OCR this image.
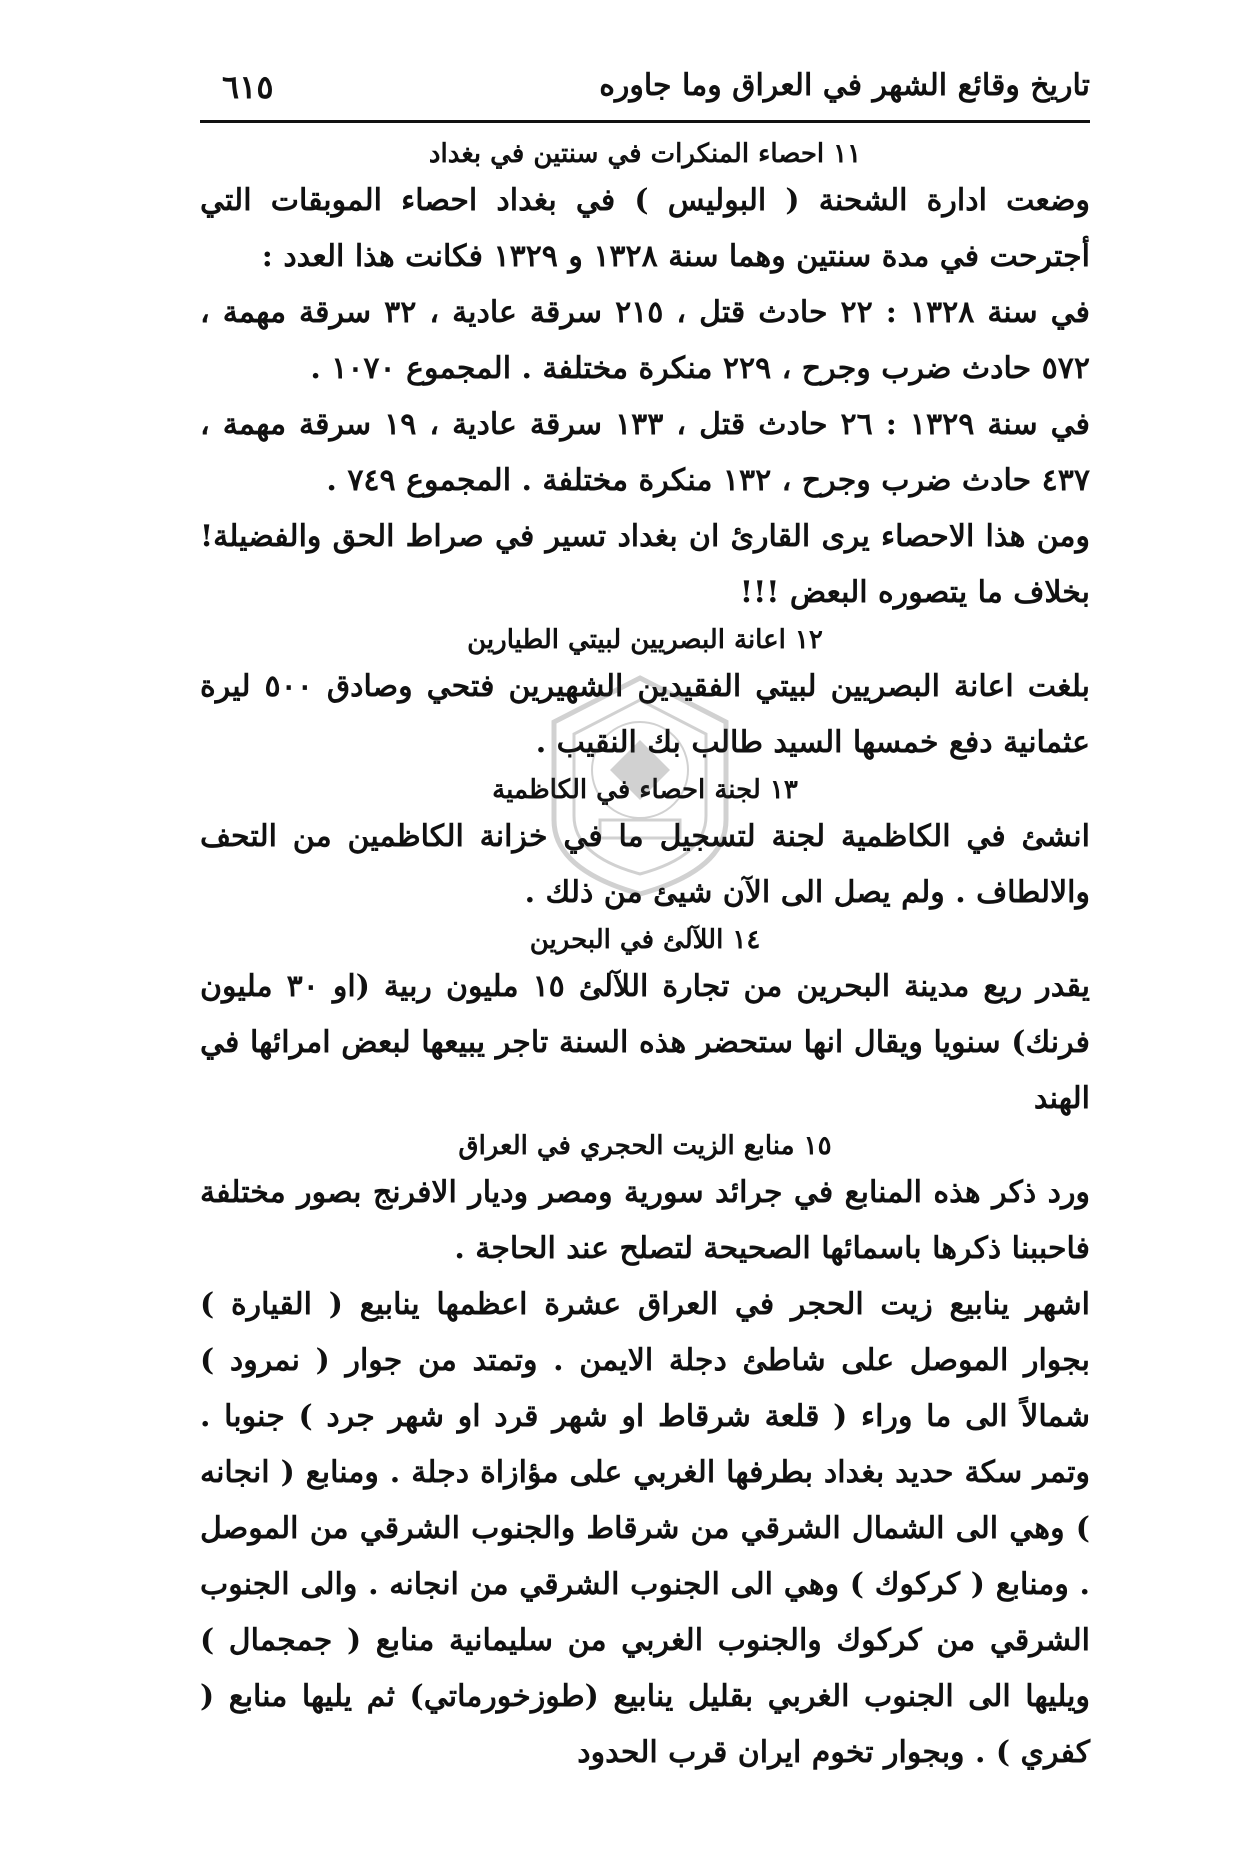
تاريخ وقائع الشهر في العراق وما جاوره
٦١٥

١١ احصاء المنكرات في سنتين في بغداد

وضعت ادارة الشحنة ( البوليس ) في بغداد احصاء الموبقات التي أجترحت في مدة سنتين وهما سنة ١٣٢٨ و ١٣٢٩ فكانت هذا العدد :

في سنة ١٣٢٨ : ٢٢ حادث قتل ، ٢١٥ سرقة عادية ، ٣٢ سرقة مهمة ، ٥٧٢ حادث ضرب وجرح ، ٢٢٩ منكرة مختلفة . المجموع ١٠٧٠ .

في سنة ١٣٢٩ : ٢٦ حادث قتل ، ١٣٣ سرقة عادية ، ١٩ سرقة مهمة ، ٤٣٧ حادث ضرب وجرح ، ١٣٢ منكرة مختلفة . المجموع ٧٤٩ .

ومن هذا الاحصاء يرى القارئ ان بغداد تسير في صراط الحق والفضيلة! بخلاف ما يتصوره البعض !!!

١٢ اعانة البصريين لبيتي الطيارين

بلغت اعانة البصريين لبيتي الفقيدين الشهيرين فتحي وصادق ٥٠٠ ليرة عثمانية دفع خمسها السيد طالب بك النقيب .

١٣ لجنة احصاء في الكاظمية

انشئ في الكاظمية لجنة لتسجيل ما في خزانة الكاظمين من التحف والالطاف . ولم يصل الى الآن شيئ من ذلك .

١٤ اللآلئ في البحرين

يقدر ريع مدينة البحرين من تجارة اللآلئ ١٥ مليون ربية (او ٣٠ مليون فرنك) سنويا ويقال انها ستحضر هذه السنة تاجر يبيعها لبعض امرائها في الهند

١٥ منابع الزيت الحجري في العراق

ورد ذكر هذه المنابع في جرائد سورية ومصر وديار الافرنج بصور مختلفة فاحببنا ذكرها باسمائها الصحيحة لتصلح عند الحاجة .

اشهر ينابيع زيت الحجر في العراق عشرة اعظمها ينابيع ( القيارة ) بجوار الموصل على شاطئ دجلة الايمن . وتمتد من جوار ( نمرود ) شمالاً الى ما وراء ( قلعة شرقاط او شهر قرد او شهر جرد ) جنوبا . وتمر سكة حديد بغداد بطرفها الغربي على مؤازاة دجلة . ومنابع ( انجانه ) وهي الى الشمال الشرقي من شرقاط والجنوب الشرقي من الموصل . ومنابع ( كركوك ) وهي الى الجنوب الشرقي من انجانه . والى الجنوب الشرقي من كركوك والجنوب الغربي من سليمانية منابع ( جمجمال ) ويليها الى الجنوب الغربي بقليل ينابيع (طوزخورماتي) ثم يليها منابع ( كفري ) . وبجوار تخوم ايران قرب الحدود
